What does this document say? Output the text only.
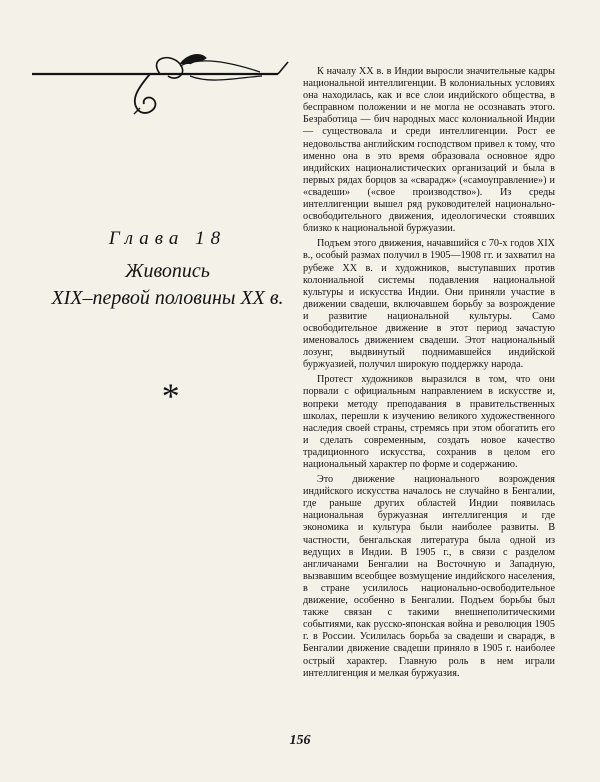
Глава 18
Живопись
XIX–первой половины XX в.
*

К началу XX в. в Индии выросли значительные кадры национальной интеллигенции. В колониальных условиях она находилась, как и все слои индийского общества, в бесправном положении и не могла не осознавать этого. Безработица — бич народных масс колониальной Индии — существовала и среди интеллигенции. Рост ее недовольства английским господством привел к тому, что именно она в это время образовала основное ядро индийских националистических организаций и была в первых рядах борцов за «сварадж» («самоуправление») и «свадеши» («свое производство»). Из среды интеллигенции вышел ряд руководителей национально-освободительного движения, идеологически стоявших близко к национальной буржуазии.

Подъем этого движения, начавшийся с 70-х годов XIX в., особый размах получил в 1905—1908 гг. и захватил на рубеже XX в. и художников, выступавших против колониальной системы подавления национальной культуры и искусства Индии. Они приняли участие в движении свадеши, включавшем борьбу за возрождение и развитие национальной культуры. Само освободительное движение в этот период зачастую именовалось движением свадеши. Этот национальный лозунг, выдвинутый поднимавшейся индийской буржуазией, получил широкую поддержку народа.

Протест художников выразился в том, что они порвали с официальным направлением в искусстве и, вопреки методу преподавания в правительственных школах, перешли к изучению великого художественного наследия своей страны, стремясь при этом обогатить его и сделать современным, создать новое качество традиционного искусства, сохранив в целом его национальный характер по форме и содержанию.

Это движение национального возрождения индийского искусства началось не случайно в Бенгалии, где раньше других областей Индии появилась национальная буржуазная интеллигенция и где экономика и культура были наиболее развиты. В частности, бенгальская литература была одной из ведущих в Индии. В 1905 г., в связи с разделом англичанами Бенгалии на Восточную и Западную, вызвавшим всеобщее возмущение индийского населения, в стране усилилось национально-освободительное движение, особенно в Бенгалии. Подъем борьбы был также связан с такими внешнеполитическими событиями, как русско-японская война и революция 1905 г. в России. Усилилась борьба за свадеши и сварадж, в Бенгалии движение свадеши приняло в 1905 г. наиболее острый характер. Главную роль в нем играли интеллигенция и мелкая буржуазия.

156
